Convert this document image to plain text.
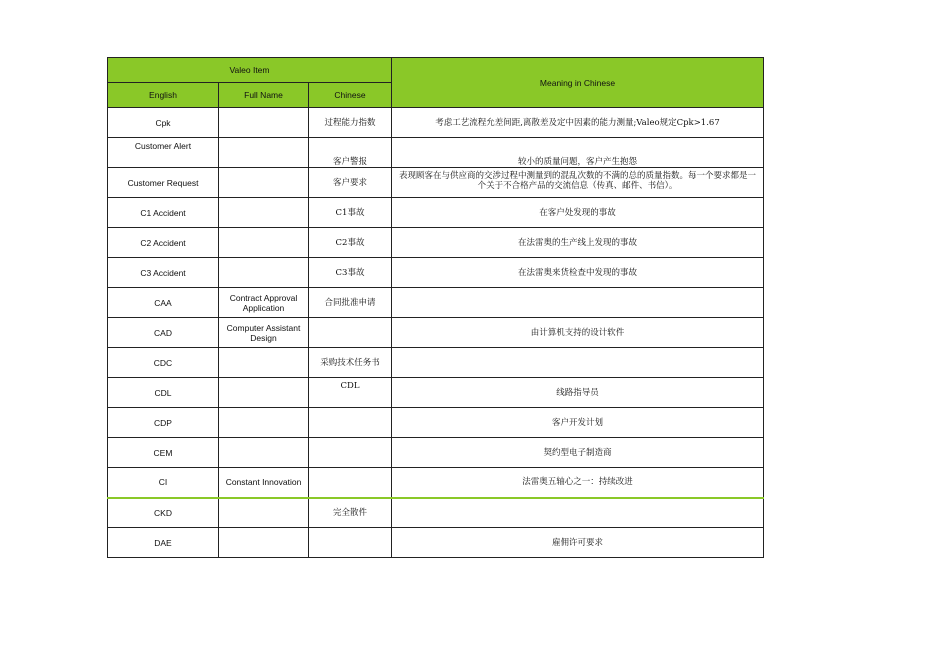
Valeo Item			Meaning in Chinese
English	Full Name	Chinese	
Cpk		过程能力指数	考虑工艺流程允差间距,离散差及定中因素的能力测量;Valeo规定Cpk>1.67
Customer Alert		客户警报	较小的质量问题，客户产生抱怨
Customer Request		客户要求	表现顾客在与供应商的交涉过程中测量到的混乱次数的不满的总的质量指数。每一个要求都是一个关于不合格产品的交流信息（传真、邮件、书信）。
C1 Accident		C1事故	在客户处发现的事故
C2 Accident		C2事故	在法雷奥的生产线上发现的事故
C3 Accident		C3事故	在法雷奥来货检查中发现的事故
CAA	Contract Approval Application	合同批准申请	
CAD	Computer Assistant Design		由计算机支持的设计软件
CDC		采购技术任务书	
CDL		CDL	线路指导员
CDP			客户开发计划
CEM			契约型电子制造商
CI	Constant Innovation		法雷奥五轴心之一：持续改进
CKD		完全散件	
DAE			雇佣许可要求
